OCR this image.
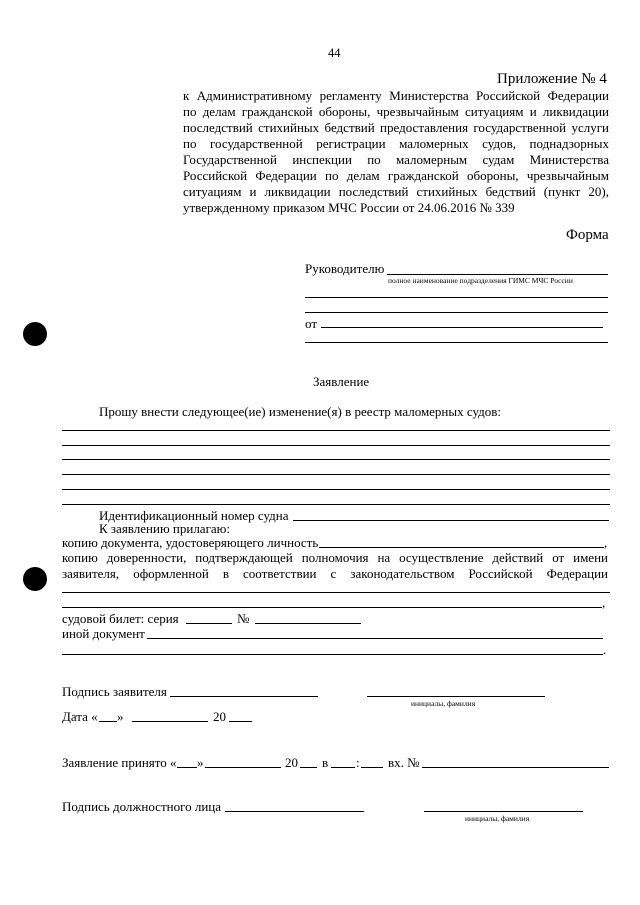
44
Приложение № 4
к Административному регламенту Министерства Российской Федерации
по делам гражданской обороны, чрезвычайным ситуациям и ликвидации
последствий стихийных бедствий предоставления государственной услуги
по государственной регистрации маломерных судов, поднадзорных
Государственной инспекции по маломерным судам Министерства
Российской Федерации по делам гражданской обороны, чрезвычайным
ситуациям и ликвидации последствий стихийных бедствий (пункт 20),
утвержденному приказом МЧС России от 24.06.2016 № 339
Форма
Руководителю
полное наименование подразделения ГИМС МЧС России
от
Заявление
Прошу внести следующее(ие) изменение(я) в реестр маломерных судов:
Идентификационный номер судна
К заявлению прилагаю:
копию документа, удостоверяющего личность	,
копию доверенности, подтверждающей полномочия на осуществление действий от имени
заявителя, оформленной в соответствии с законодательством Российской Федерации
,
судовой билет: серия	№
иной документ
.
Подпись заявителя
инициалы, фамилия
Дата « »	20
Заявление принято « »	20 в : вх. №
Подпись должностного лица
инициалы, фамилия
